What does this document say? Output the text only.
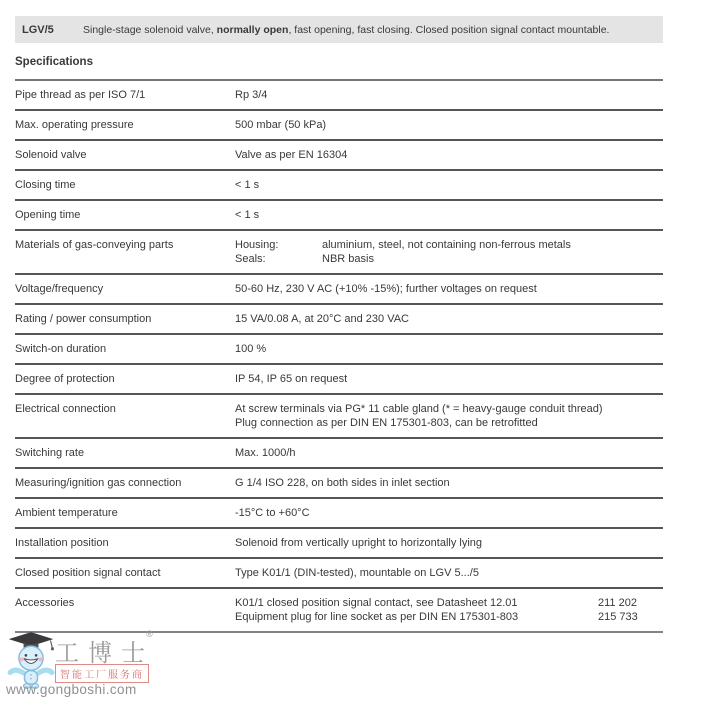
LGV/5	Single-stage solenoid valve, normally open, fast opening, fast closing. Closed position signal contact mountable.
Specifications
Pipe thread as per ISO 7/1	Rp 3/4
Max. operating pressure	500 mbar (50 kPa)
Solenoid valve	Valve as per EN 16304
Closing time	< 1 s
Opening time	< 1 s
Materials of gas-conveying parts	Housing:	aluminium, steel, not containing non-ferrous metals
Seals:	NBR basis
Voltage/frequency	50-60 Hz, 230 V AC (+10% -15%); further voltages on request
Rating / power consumption	15 VA/0.08 A, at 20°C and 230 VAC
Switch-on duration	100 %
Degree of protection	IP 54, IP 65 on request
Electrical connection	At screw terminals via PG* 11 cable gland (* = heavy-gauge conduit thread)
Plug connection as per DIN EN 175301-803, can be retrofitted
Switching rate	Max. 1000/h
Measuring/ignition gas connection	G 1/4 ISO 228, on both sides in inlet section
Ambient temperature	-15°C to +60°C
Installation position	Solenoid from vertically upright to horizontally lying
Closed position signal contact	Type K01/1 (DIN-tested), mountable on LGV 5.../5
Accessories	K01/1 closed position signal contact, see Datasheet 12.01	211 202
Equipment plug for line socket as per DIN EN 175301-803	215 733
®
工博士
智能工厂服务商
www.gongboshi.com
